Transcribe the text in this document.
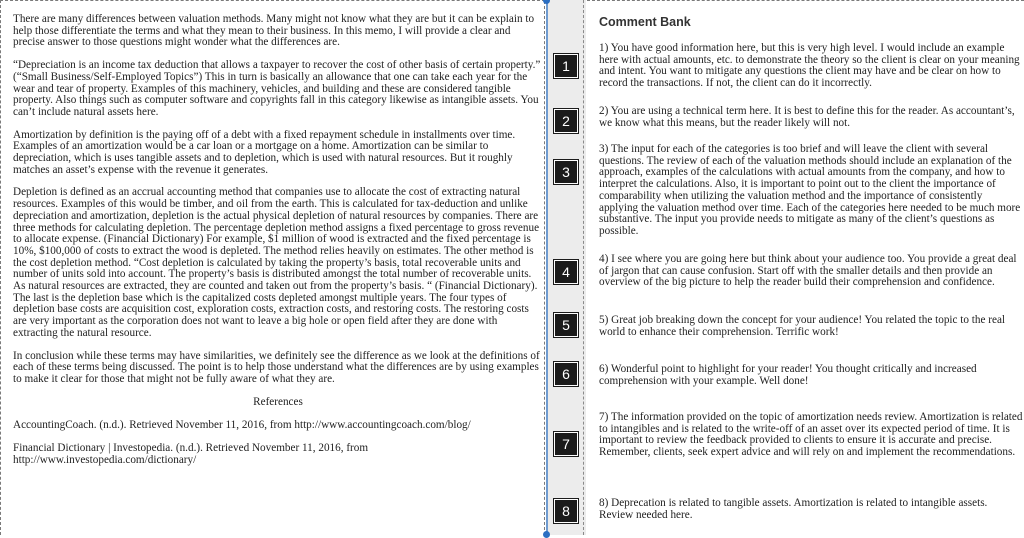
There are many differences between valuation methods. Many might not know what they are but it can be explain to help those differentiate the terms and what they mean to their business. In this memo, I will provide a clear and precise answer to those questions might wonder what the differences are.

“Depreciation is an income tax deduction that allows a taxpayer to recover the cost of other basis of certain property.” (“Small Business/Self-Employed Topics”) This in turn is basically an allowance that one can take each year for the wear and tear of property. Examples of this machinery, vehicles, and building and these are considered tangible property. Also things such as computer software and copyrights fall in this category likewise as intangible assets. You can’t include natural assets here.

Amortization by definition is the paying off of a debt with a fixed repayment schedule in installments over time. Examples of an amortization would be a car loan or a mortgage on a home. Amortization can be similar to depreciation, which is uses tangible assets and to depletion, which is used with natural resources. But it roughly matches an asset’s expense with the revenue it generates.

Depletion is defined as an accrual accounting method that companies use to allocate the cost of extracting natural resources. Examples of this would be timber, and oil from the earth. This is calculated for tax-deduction and unlike depreciation and amortization, depletion is the actual physical depletion of natural resources by companies. There are three methods for calculating depletion. The percentage depletion method assigns a fixed percentage to gross revenue to allocate expense. (Financial Dictionary) For example, $1 million of wood is extracted and the fixed percentage is 10%, $100,000 of costs to extract the wood is depleted. The method relies heavily on estimates. The other method is the cost depletion method. “Cost depletion is calculated by taking the property’s basis, total recoverable units and number of units sold into account. The property’s basis is distributed amongst the total number of recoverable units. As natural resources are extracted, they are counted and taken out from the property’s basis. “ (Financial Dictionary). The last is the depletion base which is the capitalized costs depleted amongst multiple years. The four types of depletion base costs are acquisition cost, exploration costs, extraction costs, and restoring costs. The restoring costs are very important as the corporation does not want to leave a big hole or open field after they are done with extracting the natural resource.

In conclusion while these terms may have similarities, we definitely see the difference as we look at the definitions of each of these terms being discussed. The point is to help those understand what the differences are by using examples to make it clear for those that might not be fully aware of what they are.

References

AccountingCoach. (n.d.). Retrieved November 11, 2016, from http://www.accountingcoach.com/blog/

Financial Dictionary | Investopedia. (n.d.). Retrieved November 11, 2016, from http://www.investopedia.com/dictionary/

1
2
3
4
5
6
7
8
Comment Bank
1) You have good information here, but this is very high level. I would include an example here with actual amounts, etc. to demonstrate the theory so the client is clear on your meaning and intent. You want to mitigate any questions the client may have and be clear on how to record the transactions. If not, the client can do it incorrectly.
2) You are using a technical term here. It is best to define this for the reader. As accountant’s, we know what this means, but the reader likely will not.
3) The input for each of the categories is too brief and will leave the client with several questions. The review of each of the valuation methods should include an explanation of the approach, examples of the calculations with actual amounts from the company, and how to interpret the calculations. Also, it is important to point out to the client the importance of comparability when utilizing the valuation method and the importance of consistently applying the valuation method over time. Each of the categories here needed to be much more substantive. The input you provide needs to mitigate as many of the client’s questions as possible.
4) I see where you are going here but think about your audience too. You provide a great deal of jargon that can cause confusion. Start off with the smaller details and then provide an overview of the big picture to help the reader build their comprehension and confidence.
5) Great job breaking down the concept for your audience! You related the topic to the real world to enhance their comprehension. Terrific work!
6) Wonderful point to highlight for your reader! You thought critically and increased comprehension with your example. Well done!
7) The information provided on the topic of amortization needs review. Amortization is related to intangibles and is related to the write-off of an asset over its expected period of time. It is important to review the feedback provided to clients to ensure it is accurate and precise. Remember, clients, seek expert advice and will rely on and implement the recommendations.
8) Deprecation is related to tangible assets. Amortization is related to intangible assets. Review needed here.
